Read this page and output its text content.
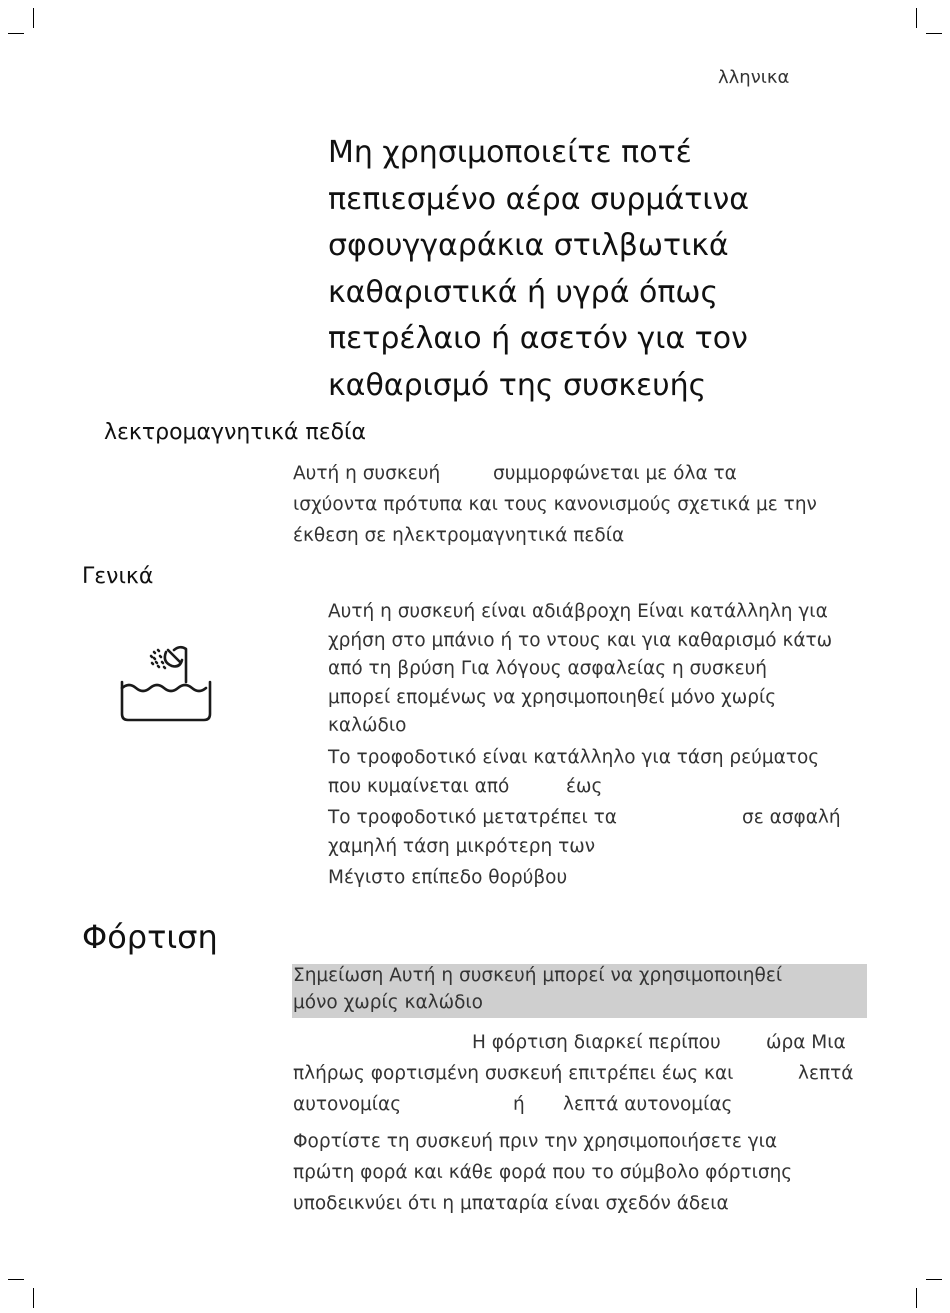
λληνικα
Μη χρησιμοποιείτε ποτέ
πεπιεσμένο αέρα συρμάτινα
σφουγγαράκια στιλβωτικά
καθαριστικά ή υγρά όπως
πετρέλαιο ή ασετόν για τον
καθαρισμό της συσκευής
λεκτρομαγνητικά πεδία
Αυτή η συσκευή	συμμορφώνεται με όλα τα
ισχύοντα πρότυπα και τους κανονισμούς σχετικά με την
έκθεση σε ηλεκτρομαγνητικά πεδία
Γενικά
Αυτή η συσκευή είναι αδιάβροχη Είναι κατάλληλη για
χρήση στο μπάνιο ή το ντους και για καθαρισμό κάτω
από τη βρύση Για λόγους ασφαλείας η συσκευή
μπορεί επομένως να χρησιμοποιηθεί μόνο χωρίς
καλώδιο
Το τροφοδοτικό είναι κατάλληλο για τάση ρεύματος
που κυμαίνεται από	έως
Το τροφοδοτικό μετατρέπει τα	σε ασφαλή
χαμηλή τάση μικρότερη των
Μέγιστο επίπεδο θορύβου
Φόρτιση
Σημείωση Αυτή η συσκευή μπορεί να χρησιμοποιηθεί
μόνο χωρίς καλώδιο
Η φόρτιση διαρκεί περίπου ώρα Μια
πλήρως φορτισμένη συσκευή επιτρέπει έως και	λεπτά
αυτονομίας	ή λεπτά αυτονομίας
Φορτίστε τη συσκευή πριν την χρησιμοποιήσετε για
πρώτη φορά και κάθε φορά που το σύμβολο φόρτισης
υποδεικνύει ότι η μπαταρία είναι σχεδόν άδεια
